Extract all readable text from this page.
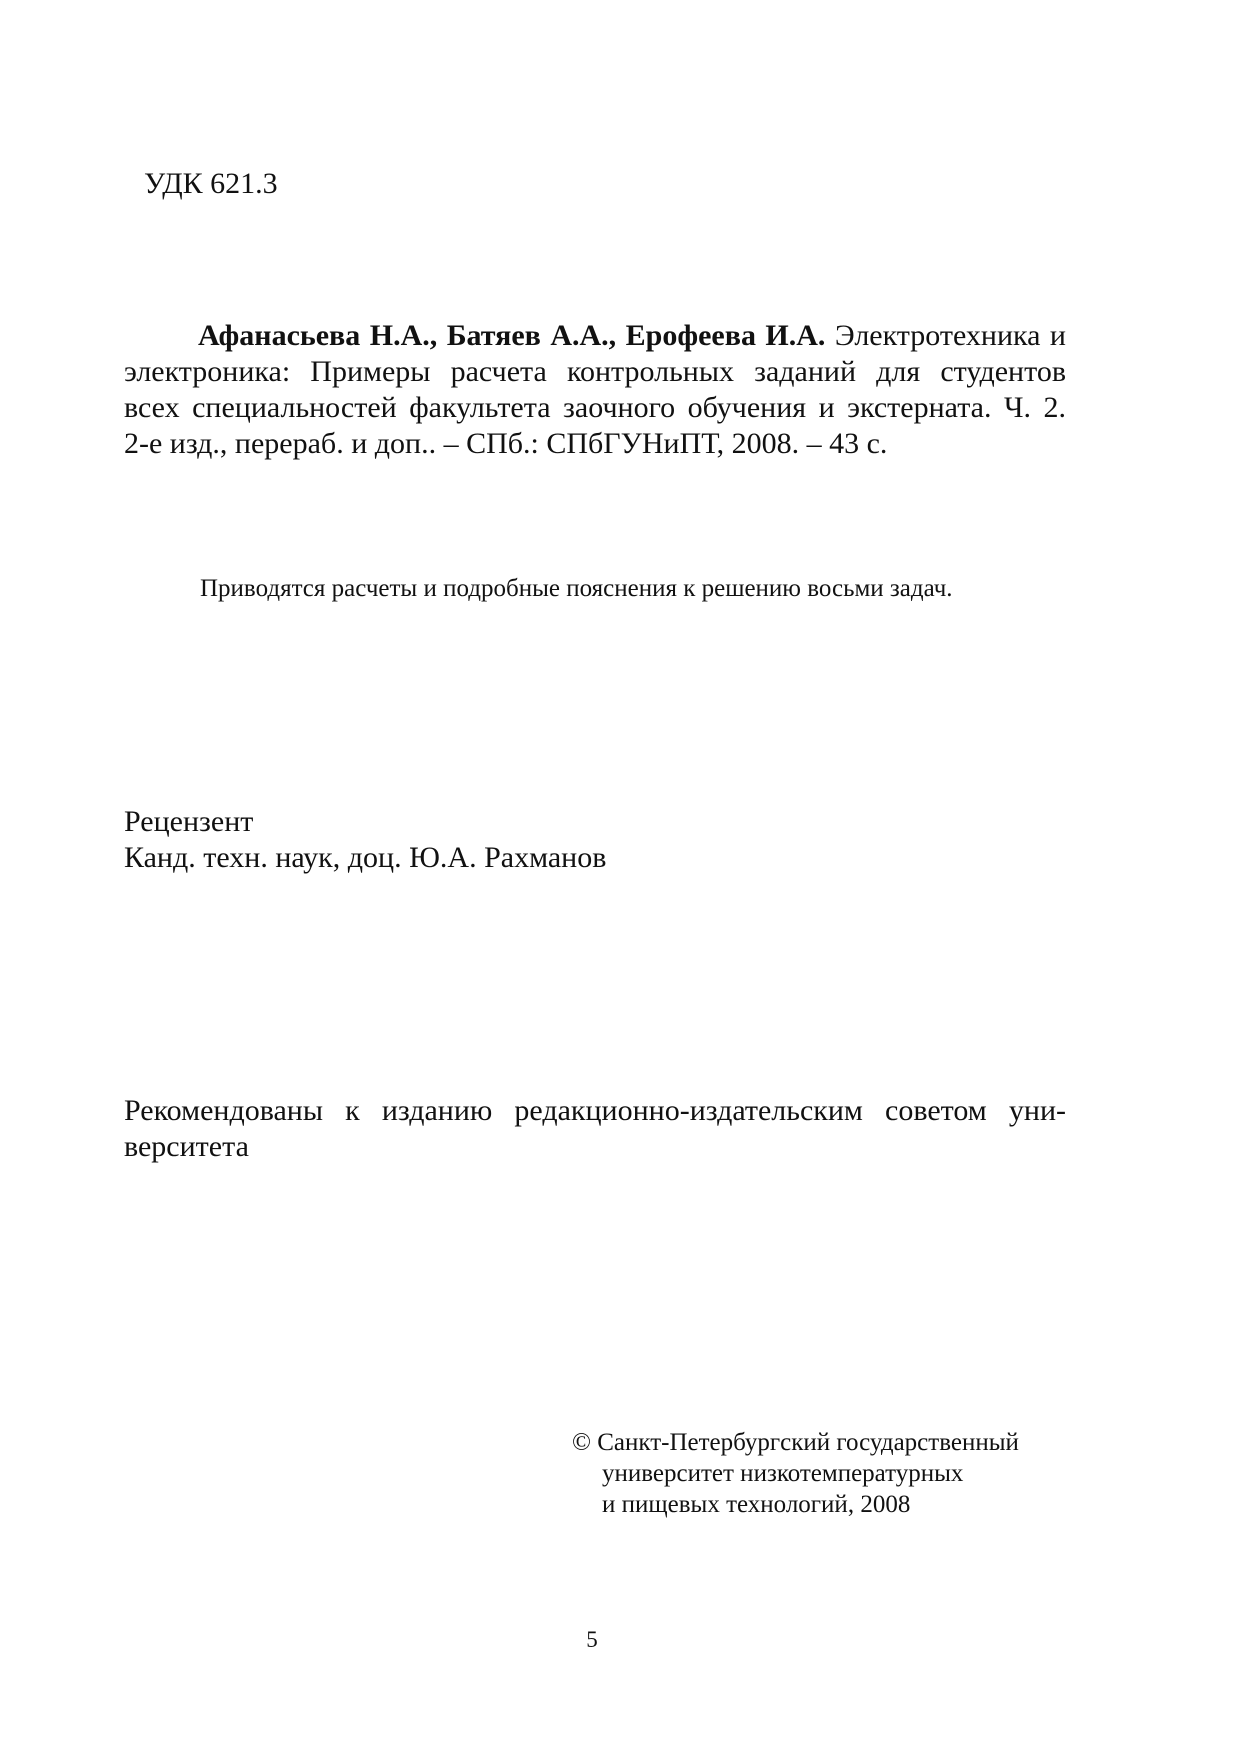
УДК 621.3
Афанасьева Н.А., Батяев А.А., Ерофеева И.А. Электротехника и
электроника: Примеры расчета контрольных заданий для студентов
всех специальностей факультета заочного обучения и экстерната. Ч. 2.
2-е изд., перераб. и доп.. – СПб.: СПбГУНиПТ, 2008. – 43 с.
Приводятся расчеты и подробные пояснения к решению восьми задач.
Рецензент
Канд. техн. наук, доц. Ю.А. Рахманов
Рекомендованы к изданию редакционно-издательским советом уни-
верситета
© Санкт-Петербургский государственный
университет низкотемпературных
и пищевых технологий, 2008
5
